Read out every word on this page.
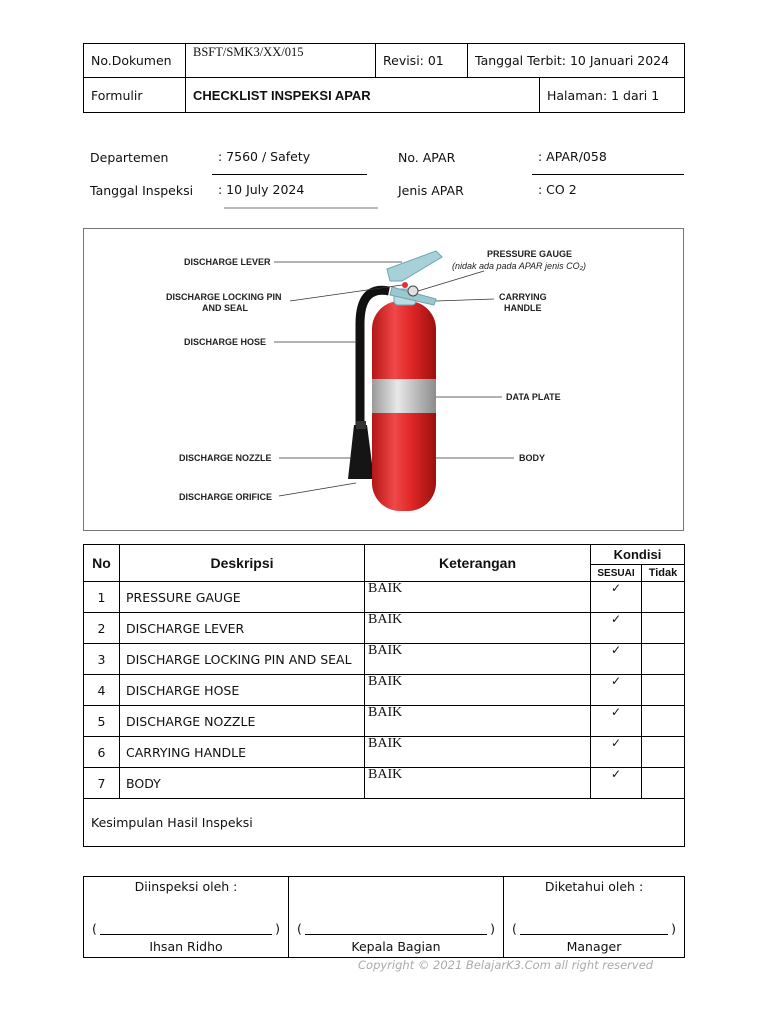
No.Dokumen	BSFT/SMK3/XX/015	Revisi: 01	Tanggal Terbit: 10 Januari 2024	
Formulir	CHECKLIST INSPEKSI APAR			Halaman: 1 dari 1
Departemen	: 7560 / Safety
Tanggal Inspeksi : 10 July 2024
No. APAR	: APAR/058
Jenis APAR	: CO 2
DISCHARGE LEVER
DISCHARGE LOCKING PIN
AND SEAL
DISCHARGE HOSE
DISCHARGE NOZZLE
DISCHARGE ORIFICE
PRESSURE GAUGE
(nidak ada pada APAR jenis CO₂)
CARRYING
HANDLE
DATA PLATE
BODY
No	Deskripsi	Keterangan	Kondisi	
			SESUAI	Tidak
1	PRESSURE GAUGE	BAIK	✓	
2	DISCHARGE LEVER	BAIK	✓	
3	DISCHARGE LOCKING PIN AND SEAL	BAIK	✓	
4	DISCHARGE HOSE	BAIK	✓	
5	DISCHARGE NOZZLE	BAIK	✓	
6	CARRYING HANDLE	BAIK	✓	
7	BODY	BAIK	✓	
Kesimpulan Hasil Inspeksi				
Diinspeksi oleh :
(	)
Ihsan Ridho

(	)
Kepala Bagian

Diketahui oleh :
(	)
Manager
Copyright © 2021 BelajarK3.Com all right reserved
